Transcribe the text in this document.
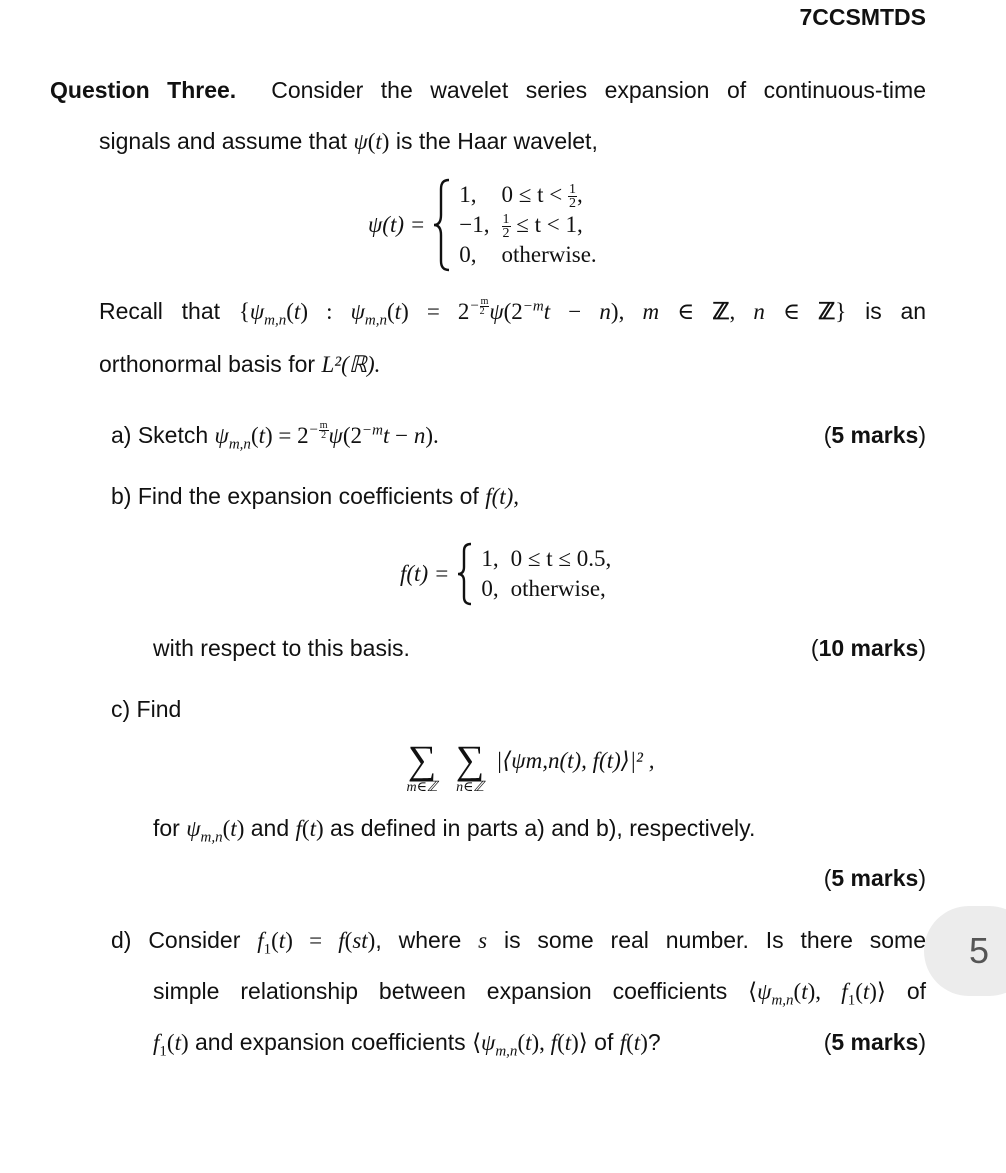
7CCSMTDS
Question Three. Consider the wavelet series expansion of continuous-time
signals and assume that ψ(t) is the Haar wavelet,
ψ(t) =
1,	$0 \le t < \frac{1}{2}$ ,
−1,	$\frac{1}{2} \le t < 1$,
0,	otherwise.
Recall that {$\psi_{m,n}(t)$ : $\psi_{m,n}(t) = 2^{- \frac{m}{2}}$ $\psi(2^{-m}t - n)$, m ∈ ℤ, n ∈ ℤ} is an
orthonormal basis for L²(ℝ).
a) Sketch $\psi_{m,n}(t) = 2^{- \frac{m}{2}}$ $\psi(2^{-m}t - n)$.	(5 marks)
b) Find the expansion coefficients of f(t),
f(t) =
1,	0 ≤ t ≤ 0.5,
0,	otherwise,
with respect to this basis.	(10 marks)
c) Find
∑
m∈ℤ
∑
n∈ℤ
|⟨ψm,n(t), f(t)⟩|² ,
for $\psi_{m,n}(t)$ and f(t) as defined in parts a) and b), respectively.
(5 marks)
5
d) Consider $f_1(t) = f(st)$, where s is some real number. Is there some
simple relationship between expansion coefficients $⟨\psi_{m,n}(t)$, $f_1(t)⟩$ of
$f_1(t)$ and expansion coefficients $⟨\psi_{m,n}(t)$, f(t)⟩ of f(t)?	(5 marks)
